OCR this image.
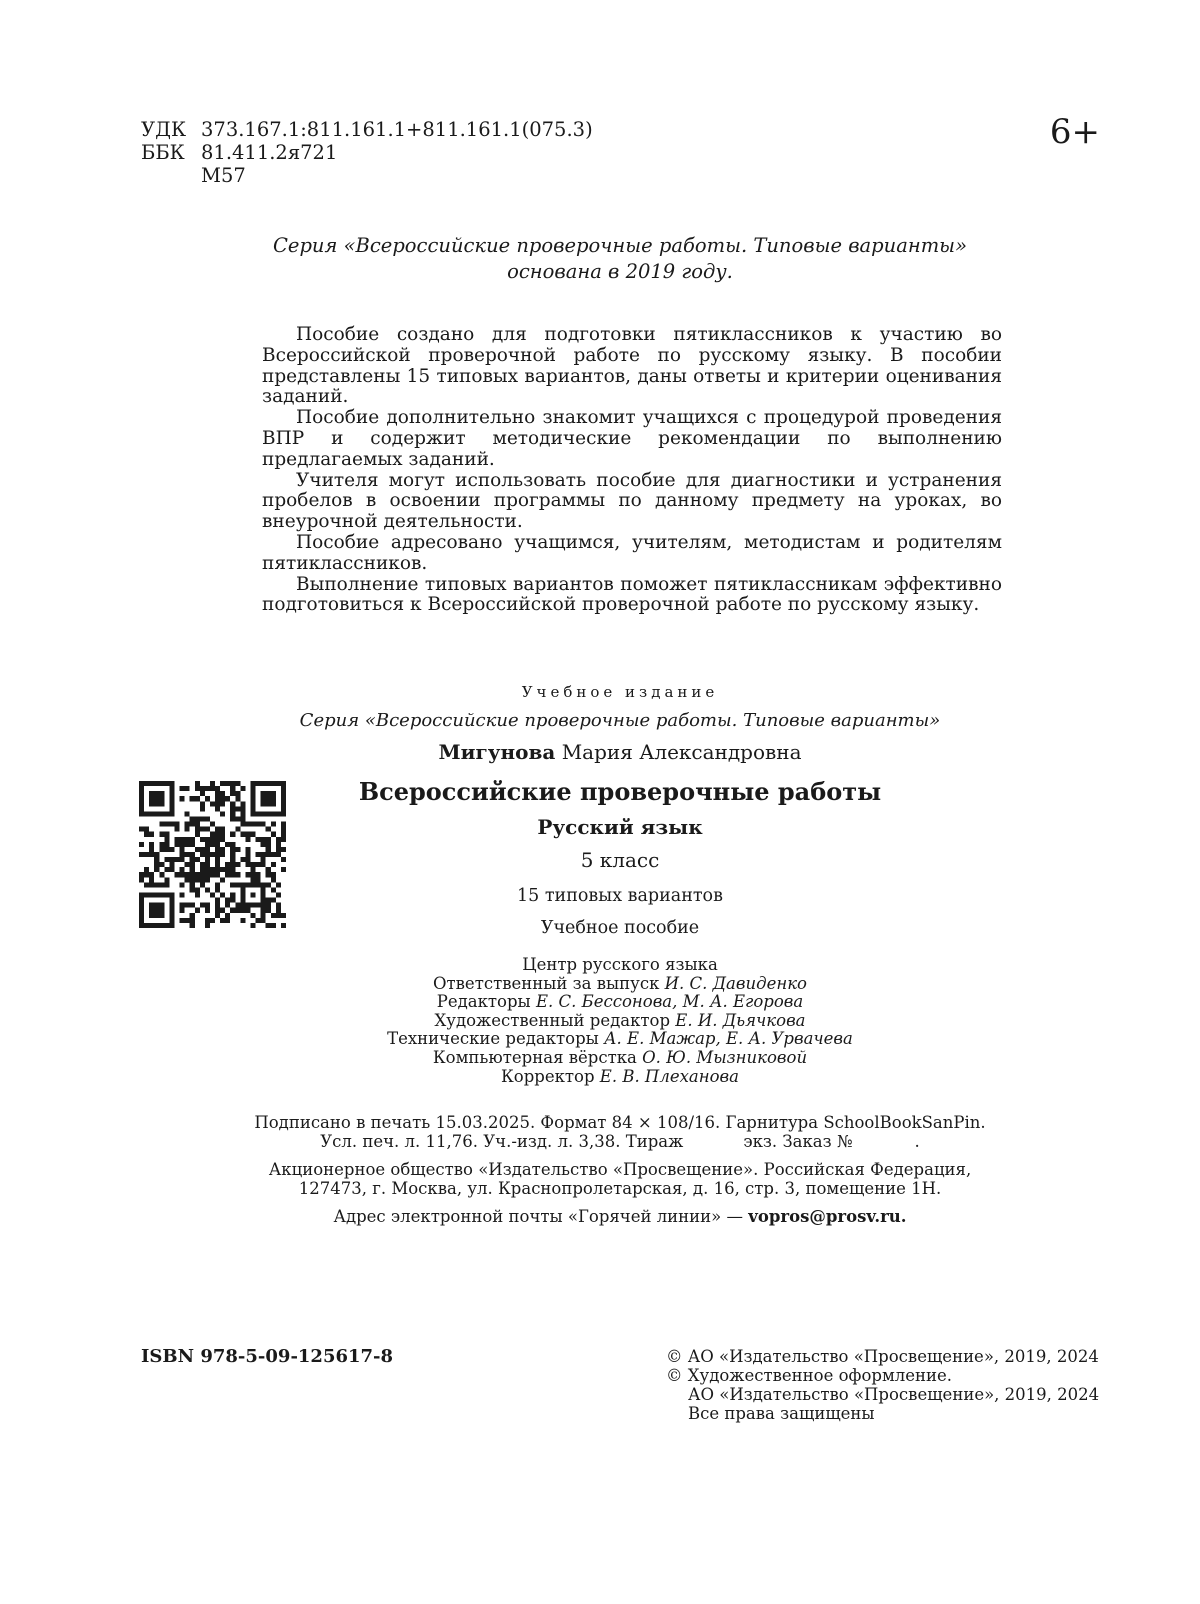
УДК 373.167.1:811.161.1+811.161.1(075.3)
ББК 81.411.2я721
М57
6+
Серия «Всероссийские проверочные работы. Типовые варианты»
основана в 2019 году.

Пособие создано для подготовки пятиклассников к участию во Всероссийской проверочной работе по русскому языку. В пособии представлены 15 типовых вариантов, даны ответы и критерии оценивания заданий.

Пособие дополнительно знакомит учащихся с процедурой проведения ВПР и содержит методические рекомендации по выполнению предлагаемых заданий.

Учителя могут использовать пособие для диагностики и устранения пробелов в освоении программы по данному предмету на уроках, во внеурочной деятельности.

Пособие адресовано учащимся, учителям, методистам и родителям пятиклассников.

Выполнение типовых вариантов поможет пятиклассникам эффективно подготовиться к Всероссийской проверочной работе по русскому языку.

Учебное издание
Серия «Всероссийские проверочные работы. Типовые варианты»
Мигунова Мария Александровна
Всероссийские проверочные работы
Русский язык
5 класс
15 типовых вариантов
Учебное пособие
Центр русского языка
Ответственный за выпуск И. С. Давиденко
Редакторы Е. С. Бессонова, М. А. Егорова
Художественный редактор Е. И. Дьячкова
Технические редакторы А. Е. Мажар, Е. А. Урвачева
Компьютерная вёрстка О. Ю. Мызниковой
Корректор Е. В. Плеханова
Подписано в печать 15.03.2025. Формат 84 × 108/16. Гарнитура SchoolBookSanPin.
Усл. печ. л. 11,76. Уч.-изд. л. 3,38. Тираж	экз. Заказ №	.
Акционерное общество «Издательство «Просвещение». Российская Федерация,
127473, г. Москва, ул. Краснопролетарская, д. 16, стр. 3, помещение 1Н.
Адрес электронной почты «Горячей линии» — vopros@prosv.ru.
ISBN 978-5-09-125617-8	© АО «Издательство «Просвещение», 2019, 2024
© Художественное оформление.
АО «Издательство «Просвещение», 2019, 2024
Все права защищены
